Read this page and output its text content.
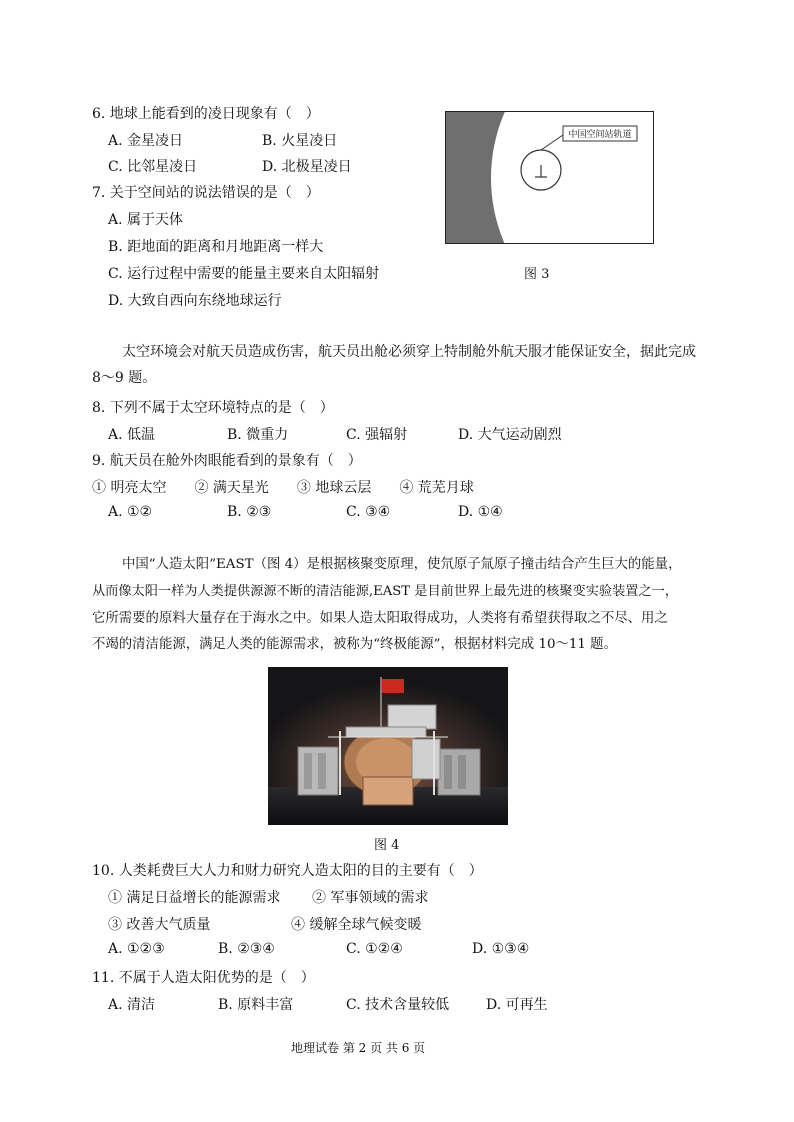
6. 地球上能看到的凌日现象有（　）
A. 金星凌日	B. 火星凌日
C. 比邻星凌日	D. 北极星凌日
7. 关于空间站的说法错误的是（　）
A. 属于天体
B. 距地面的距离和月地距离一样大
C. 运行过程中需要的能量主要来自太阳辐射
D. 大致自西向东绕地球运行
中国空间站轨道
图 3
太空环境会对航天员造成伤害，航天员出舱必须穿上特制舱外航天服才能保证安全，据此完成
8～9 题。
8. 下列不属于太空环境特点的是（　）
A. 低温	B. 微重力	C. 强辐射	D. 大气运动剧烈
9. 航天员在舱外肉眼能看到的景象有（　）
① 明亮太空　　② 满天星光　　③ 地球云层　　④ 荒芜月球
A. ①②	B. ②③	C. ③④	D. ①④
中国“人造太阳”EAST（图 4）是根据核聚变原理，使氘原子氚原子撞击结合产生巨大的能量，
从而像太阳一样为人类提供源源不断的清洁能源,EAST 是目前世界上最先进的核聚变实验装置之一，
它所需要的原料大量存在于海水之中。如果人造太阳取得成功，人类将有希望获得取之不尽、用之
不竭的清洁能源，满足人类的能源需求，被称为“终极能源”，根据材料完成 10～11 题。
图 4
10. 人类耗费巨大人力和财力研究人造太阳的目的主要有（　）
① 满足日益增长的能源需求 ② 军事领域的需求
③ 改善大气质量	④ 缓解全球气候变暖
A. ①②③	B. ②③④	C. ①②④	D. ①③④
11. 不属于人造太阳优势的是（　）
A. 清洁	B. 原料丰富	C. 技术含量较低	D. 可再生
地理试卷 第 2 页 共 6 页
